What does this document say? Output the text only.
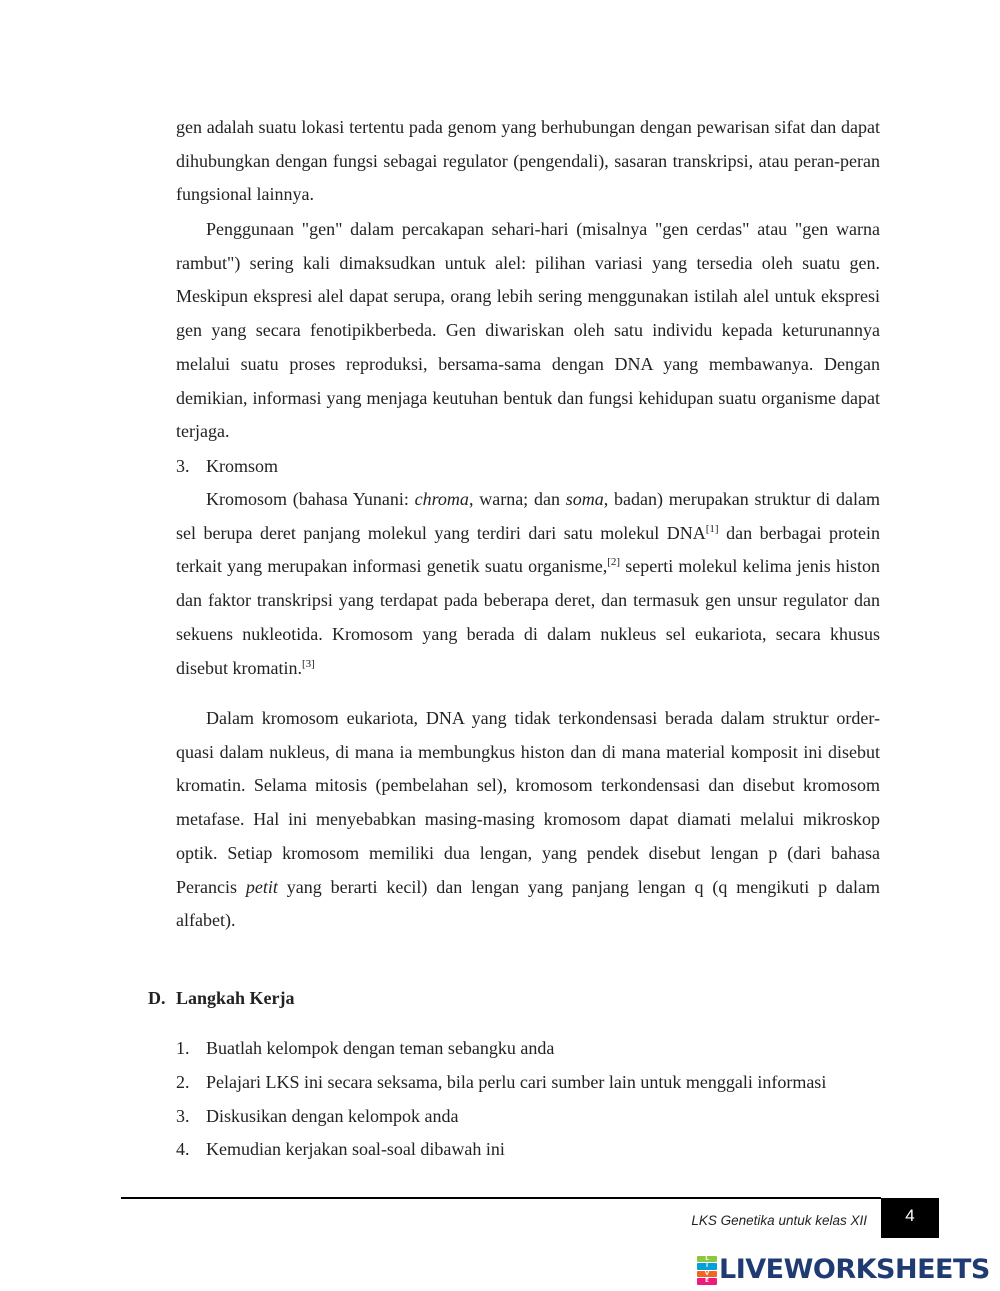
gen adalah suatu lokasi tertentu pada genom yang berhubungan dengan pewarisan sifat dan dapat dihubungkan dengan fungsi sebagai regulator (pengendali), sasaran transkripsi, atau peran-peran fungsional lainnya.

Penggunaan "gen" dalam percakapan sehari-hari (misalnya "gen cerdas" atau "gen warna rambut") sering kali dimaksudkan untuk alel: pilihan variasi yang tersedia oleh suatu gen. Meskipun ekspresi alel dapat serupa, orang lebih sering menggunakan istilah alel untuk ekspresi gen yang secara fenotipikberbeda. Gen diwariskan oleh satu individu kepada keturunannya melalui suatu proses reproduksi, bersama-sama dengan DNA yang membawanya. Dengan demikian, informasi yang menjaga keutuhan bentuk dan fungsi kehidupan suatu organisme dapat terjaga.

3. Kromsom

Kromosom (bahasa Yunani: chroma, warna; dan soma, badan) merupakan struktur di dalam sel berupa deret panjang molekul yang terdiri dari satu molekul DNA[1] dan berbagai protein terkait yang merupakan informasi genetik suatu organisme,[2] seperti molekul kelima jenis histon dan faktor transkripsi yang terdapat pada beberapa deret, dan termasuk gen unsur regulator dan sekuens nukleotida. Kromosom yang berada di dalam nukleus sel eukariota, secara khusus disebut kromatin.[3]

Dalam kromosom eukariota, DNA yang tidak terkondensasi berada dalam struktur order-quasi dalam nukleus, di mana ia membungkus histon dan di mana material komposit ini disebut kromatin. Selama mitosis (pembelahan sel), kromosom terkondensasi dan disebut kromosom metafase. Hal ini menyebabkan masing-masing kromosom dapat diamati melalui mikroskop optik. Setiap kromosom memiliki dua lengan, yang pendek disebut lengan p (dari bahasa Perancis petit yang berarti kecil) dan lengan yang panjang lengan q (q mengikuti p dalam alfabet).

D. Langkah Kerja
1. Buatlah kelompok dengan teman sebangku anda
2. Pelajari LKS ini secara seksama, bila perlu cari sumber lain untuk menggali informasi
3. Diskusikan dengan kelompok anda
4. Kemudian kerjakan soal-soal dibawah ini
LKS Genetika untuk kelas XII 4
L
I
V
E LIVEWORKSHEETS
